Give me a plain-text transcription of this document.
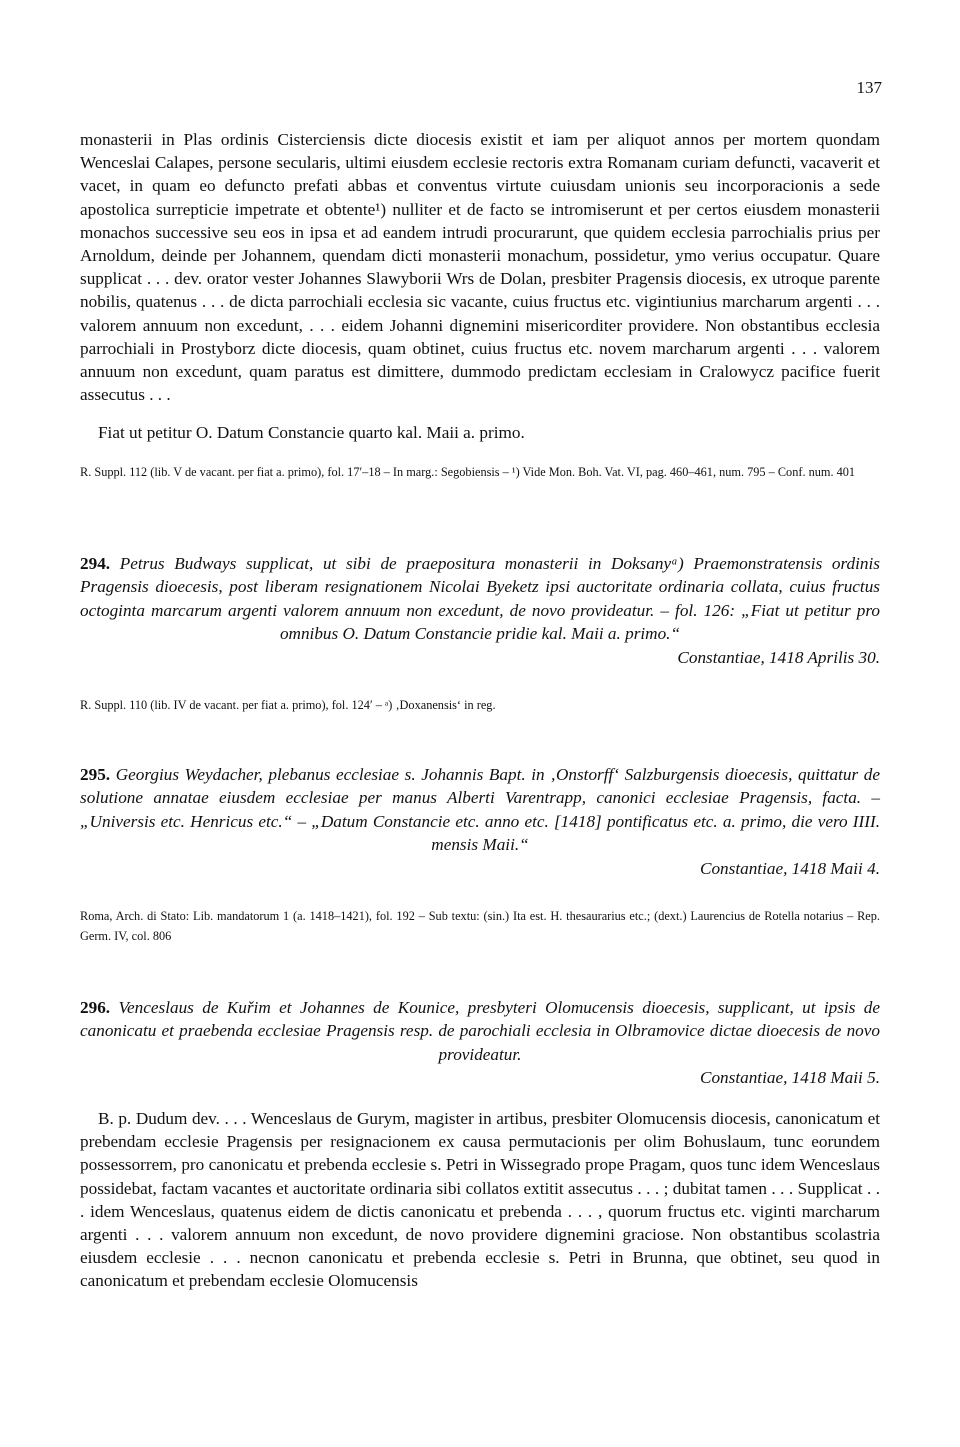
137

monasterii in Plas ordinis Cisterciensis dicte diocesis existit et iam per aliquot annos per mortem quondam Wenceslai Calapes, persone secularis, ultimi eiusdem ecclesie rectoris extra Romanam curiam defuncti, vacaverit et vacet, in quam eo defuncto prefati abbas et conventus virtute cuiusdam unionis seu incorporacionis a sede apostolica surrepticie impetrate et obtente¹) nulliter et de facto se intromiserunt et per certos eiusdem monasterii monachos successive seu eos in ipsa et ad eandem intrudi procurarunt, que quidem ecclesia parrochialis prius per Arnoldum, deinde per Johannem, quendam dicti monasterii monachum, possidetur, ymo verius occupatur. Quare supplicat . . . dev. orator vester Johannes Slawyborii Wrs de Dolan, presbiter Pragensis diocesis, ex utroque parente nobilis, quatenus . . . de dicta parrochiali ecclesia sic vacante, cuius fructus etc. vigintiunius marcharum argenti . . . valorem annuum non excedunt, . . . eidem Johanni dignemini misericorditer providere. Non obstantibus ecclesia parrochiali in Prostyborz dicte diocesis, quam obtinet, cuius fructus etc. novem marcharum argenti . . . valorem annuum non excedunt, quam paratus est dimittere, dummodo predictam ecclesiam in Cralowycz pacifice fuerit assecutus . . .

Fiat ut petitur O. Datum Constancie quarto kal. Maii a. primo.

R. Suppl. 112 (lib. V de vacant. per fiat a. primo), fol. 17′–18 – In marg.: Segobiensis – ¹) Vide Mon. Boh. Vat. VI, pag. 460–461, num. 795 – Conf. num. 401

294. Petrus Budways supplicat, ut sibi de praepositura monasterii in Doksanyᵃ) Praemonstratensis ordinis Pragensis dioecesis, post liberam resignationem Nicolai Byeketz ipsi auctoritate ordinaria collata, cuius fructus octoginta marcarum argenti valorem annuum non excedunt, de novo provideatur. – fol. 126: „Fiat ut petitur pro omnibus O. Datum Constancie pridie kal. Maii a. primo.“

Constantiae, 1418 Aprilis 30.

R. Suppl. 110 (lib. IV de vacant. per fiat a. primo), fol. 124′ – ᵃ) ‚Doxanensis‘ in reg.

295. Georgius Weydacher, plebanus ecclesiae s. Johannis Bapt. in ‚Onstorff‘ Salzburgensis dioecesis, quittatur de solutione annatae eiusdem ecclesiae per manus Alberti Varentrapp, canonici ecclesiae Pragensis, facta. – „Universis etc. Henricus etc.“ – „Datum Constancie etc. anno etc. [1418] pontificatus etc. a. primo, die vero IIII. mensis Maii.“

Constantiae, 1418 Maii 4.

Roma, Arch. di Stato: Lib. mandatorum 1 (a. 1418–1421), fol. 192 – Sub textu: (sin.) Ita est. H. thesaurarius etc.; (dext.) Laurencius de Rotella notarius – Rep. Germ. IV, col. 806

296. Venceslaus de Kuřim et Johannes de Kounice, presbyteri Olomucensis dioecesis, supplicant, ut ipsis de canonicatu et praebenda ecclesiae Pragensis resp. de parochiali ecclesia in Olbramovice dictae dioecesis de novo provideatur.

Constantiae, 1418 Maii 5.

B. p. Dudum dev. . . . Wenceslaus de Gurym, magister in artibus, presbiter Olomucensis diocesis, canonicatum et prebendam ecclesie Pragensis per resignacionem ex causa permutacionis per olim Bohuslaum, tunc eorundem possessorrem, pro canonicatu et prebenda ecclesie s. Petri in Wissegrado prope Pragam, quos tunc idem Wenceslaus possidebat, factam vacantes et auctoritate ordinaria sibi collatos extitit assecutus . . . ; dubitat tamen . . . Supplicat . . . idem Wenceslaus, quatenus eidem de dictis canonicatu et prebenda . . . , quorum fructus etc. viginti marcharum argenti . . . valorem annuum non excedunt, de novo providere dignemini graciose. Non obstantibus scolastria eiusdem ecclesie . . . necnon canonicatu et prebenda ecclesie s. Petri in Brunna, que obtinet, seu quod in canonicatum et prebendam ecclesie Olomucensis
